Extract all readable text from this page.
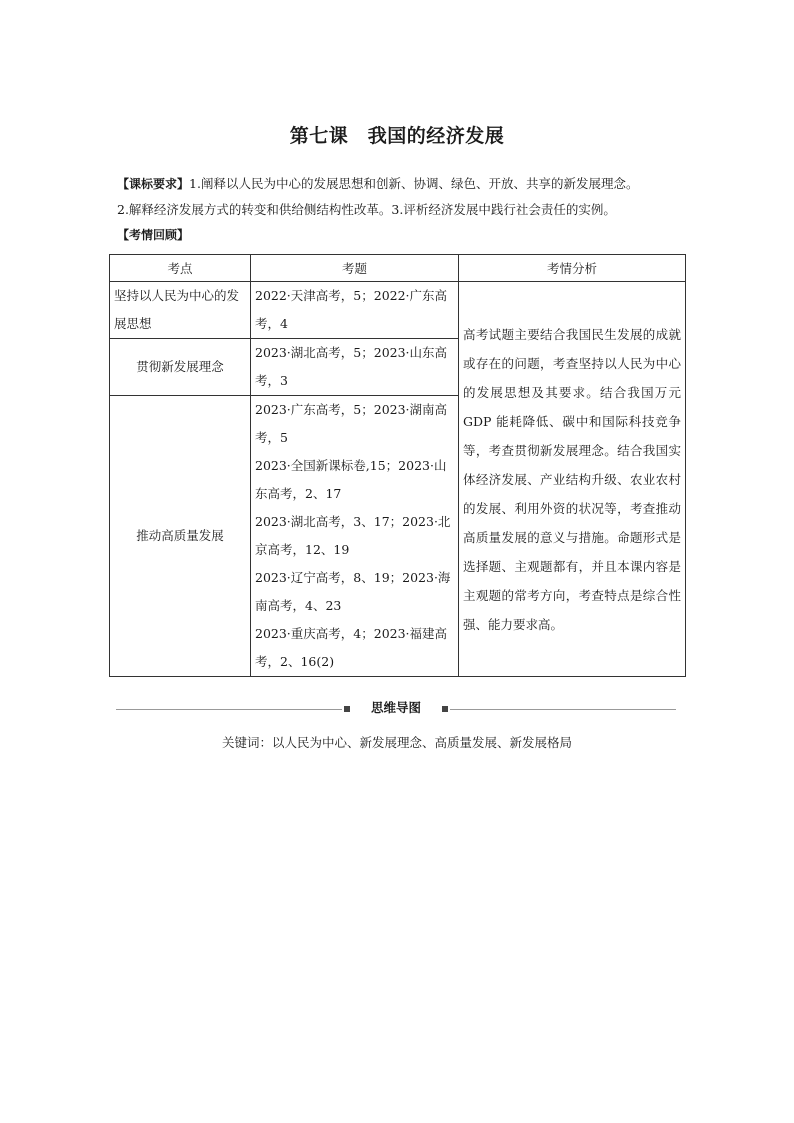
第七课　我国的经济发展
【课标要求】1.阐释以人民为中心的发展思想和创新、协调、绿色、开放、共享的新发展理念。
2.解释经济发展方式的转变和供给侧结构性改革。3.评析经济发展中践行社会责任的实例。
【考情回顾】
考点	考题	考情分析
坚持以人民为中心的发展思想	2022·天津高考，5；2022·广东高考，4	高考试题主要结合我国民生发展的成就或存在的问题，考查坚持以人民为中心的发展思想及其要求。结合我国万元 GDP 能耗降低、碳中和国际科技竞争等，考查贯彻新发展理念。结合我国实体经济发展、产业结构升级、农业农村的发展、利用外资的状况等，考查推动高质量发展的意义与措施。命题形式是选择题、主观题都有，并且本课内容是主观题的常考方向，考查特点是综合性强、能力要求高。
贯彻新发展理念	2023·湖北高考，5；2023·山东高考，3	
推动高质量发展	2023·广东高考，5；2023·湖南高考，5
2023·全国新课标卷,15；2023·山东高考，2、17
2023·湖北高考，3、17；2023·北京高考，12、19
2023·辽宁高考，8、19；2023·海南高考，4、23
2023·重庆高考，4；2023·福建高考，2、16(2)	
思维导图
关键词：以人民为中心、新发展理念、高质量发展、新发展格局
